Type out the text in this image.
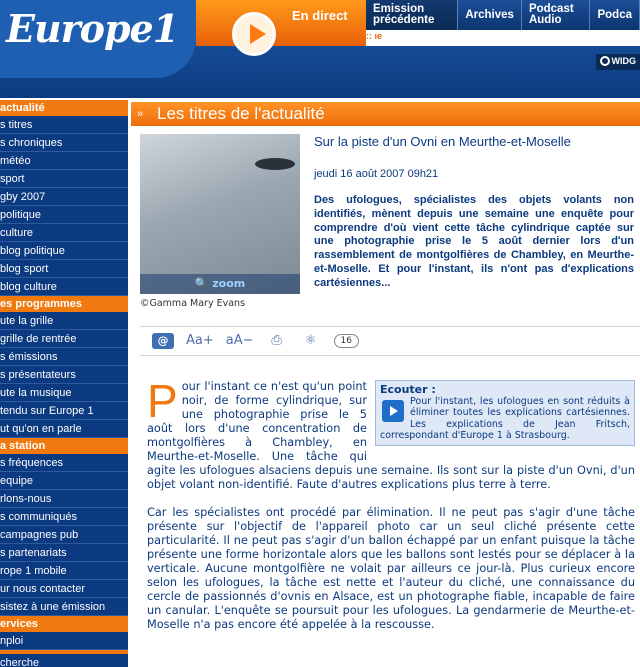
Europe1	En direct	Emission précédente	Archives	Podcast Audio	Podca
:: ıe
WIDG
actualité
s titres
s chroniques
météo
sport
gby 2007
politique
culture
blog politique
blog sport
blog culture
es programmes
ute la grille
grille de rentrée
s émissions
s présentateurs
ute la musique
tendu sur Europe 1
ut qu'on en parle
a station
s fréquences
equipe
rlons-nous
s communiqués
campagnes pub
s partenariats
rope 1 mobile
ur nous contacter
sistez à une émission
ervices
nploi
cherche
» Les titres de l'actualité
🔍 zoom
©Gamma Mary Evans
Sur la piste d'un Ovni en Meurthe-et-Moselle
jeudi 16 août 2007 09h21
Des ufologues, spécialistes des objets volants non identifiés, mènent depuis une semaine une enquête pour comprendre d'où vient cette tâche cylindrique captée sur une photographie prise le 5 août dernier lors d'un rassemblement de montgolfières de Chambley, en Meurthe-et-Moselle. Et pour l'instant, ils n'ont pas d'explications cartésiennes...
@	Aa+ aA−	⎙	⚛	16
Ecouter :
Pour l'instant, les ufologues en sont réduits à éliminer toutes les explications cartésiennes. Les explications de Jean Fritsch, correspondant d'Europe 1 à Strasbourg.

Pour l'instant ce n'est qu'un point noir, de forme cylindrique, sur une photographie prise le 5 août lors d'une concentration de montgolfières à Chambley, en Meurthe-et-Moselle. Une tâche qui agite les ufologues alsaciens depuis une semaine. Ils sont sur la piste d'un Ovni, d'un objet volant non-identifié. Faute d'autres explications plus terre à terre.

Car les spécialistes ont procédé par élimination. Il ne peut pas s'agir d'une tâche présente sur l'objectif de l'appareil photo car un seul cliché présente cette particularité. Il ne peut pas s'agir d'un ballon échappé par un enfant puisque la tâche présente une forme horizontale alors que les ballons sont lestés pour se déplacer à la verticale. Aucune montgolfière ne volait par ailleurs ce jour-là. Plus curieux encore selon les ufologues, la tâche est nette et l'auteur du cliché, une connaissance du cercle de passionnés d'ovnis en Alsace, est un photographe fiable, incapable de faire un canular. L'enquête se poursuit pour les ufologues. La gendarmerie de Meurthe-et-Moselle n'a pas encore été appelée à la rescousse.
